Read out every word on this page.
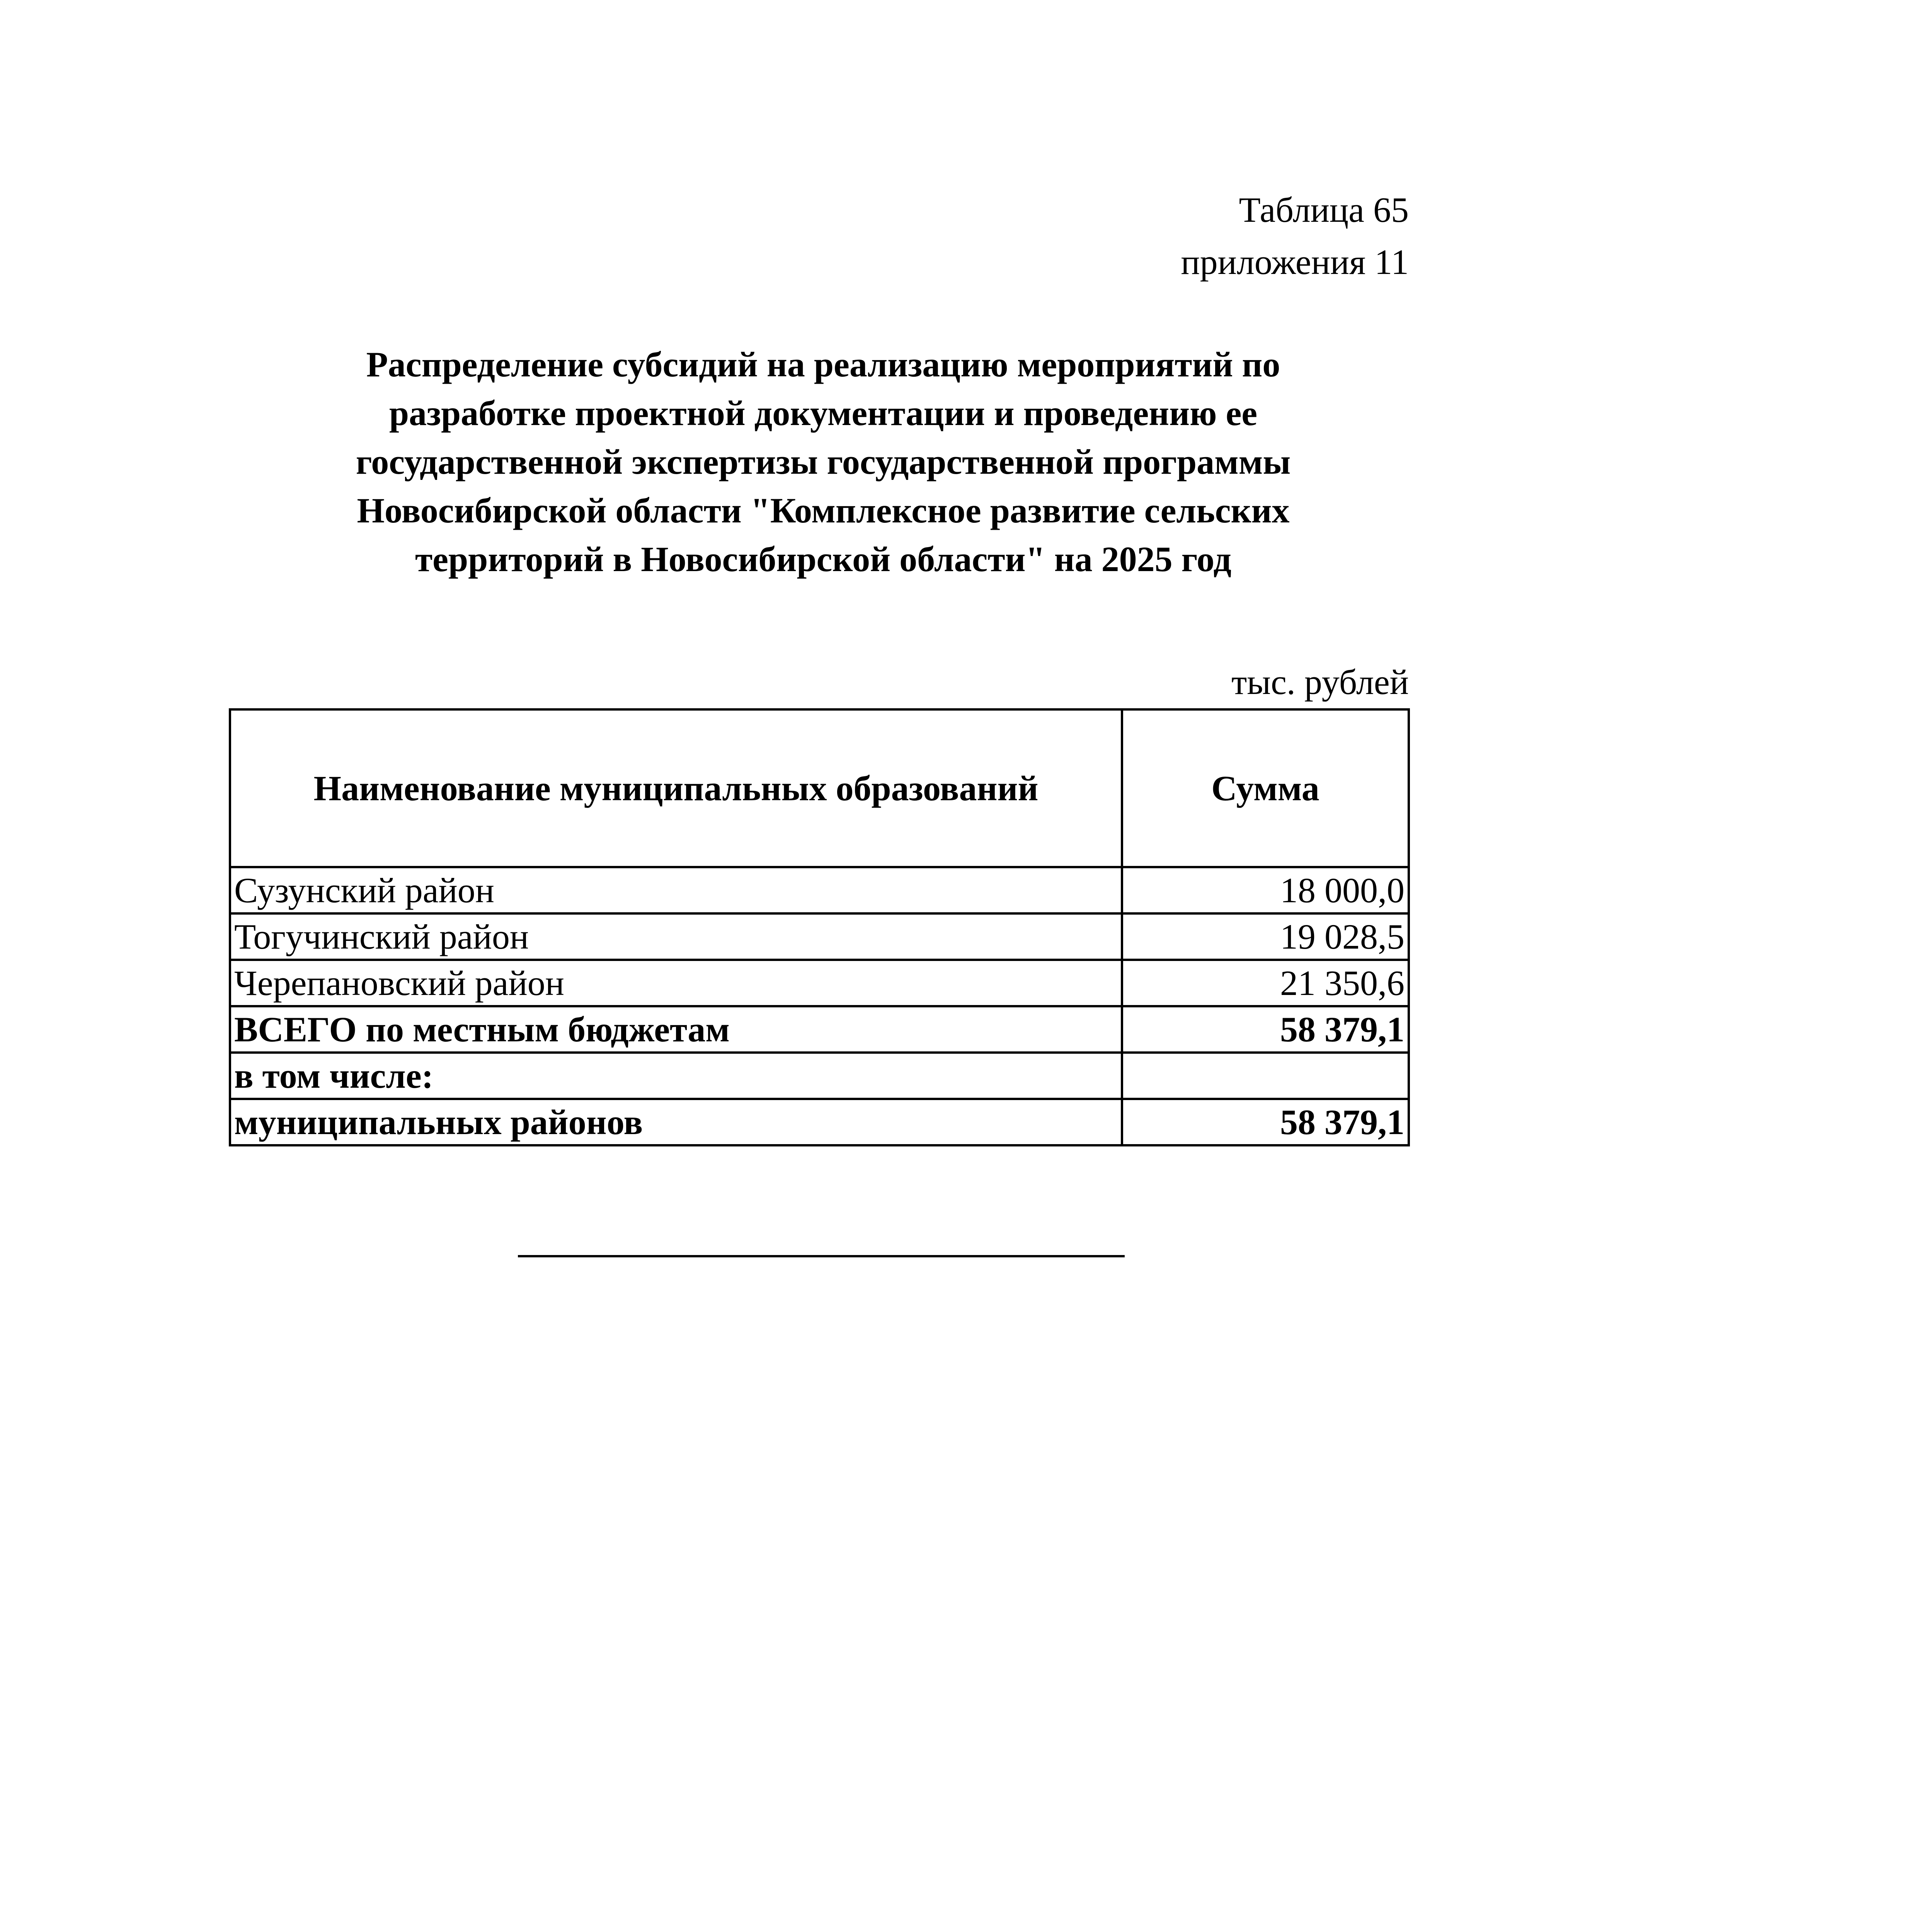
Таблица 65
приложения 11
Распределение субсидий на реализацию мероприятий по
разработке проектной документации и проведению ее
государственной экспертизы государственной программы
Новосибирской области "Комплексное развитие сельских
территорий в Новосибирской области" на 2025 год
тыс. рублей
Наименование муниципальных образований	Сумма
Сузунский район	18 000,0
Тогучинский район	19 028,5
Черепановский район	21 350,6
ВСЕГО по местным бюджетам	58 379,1
в том числе:	
муниципальных районов	58 379,1
